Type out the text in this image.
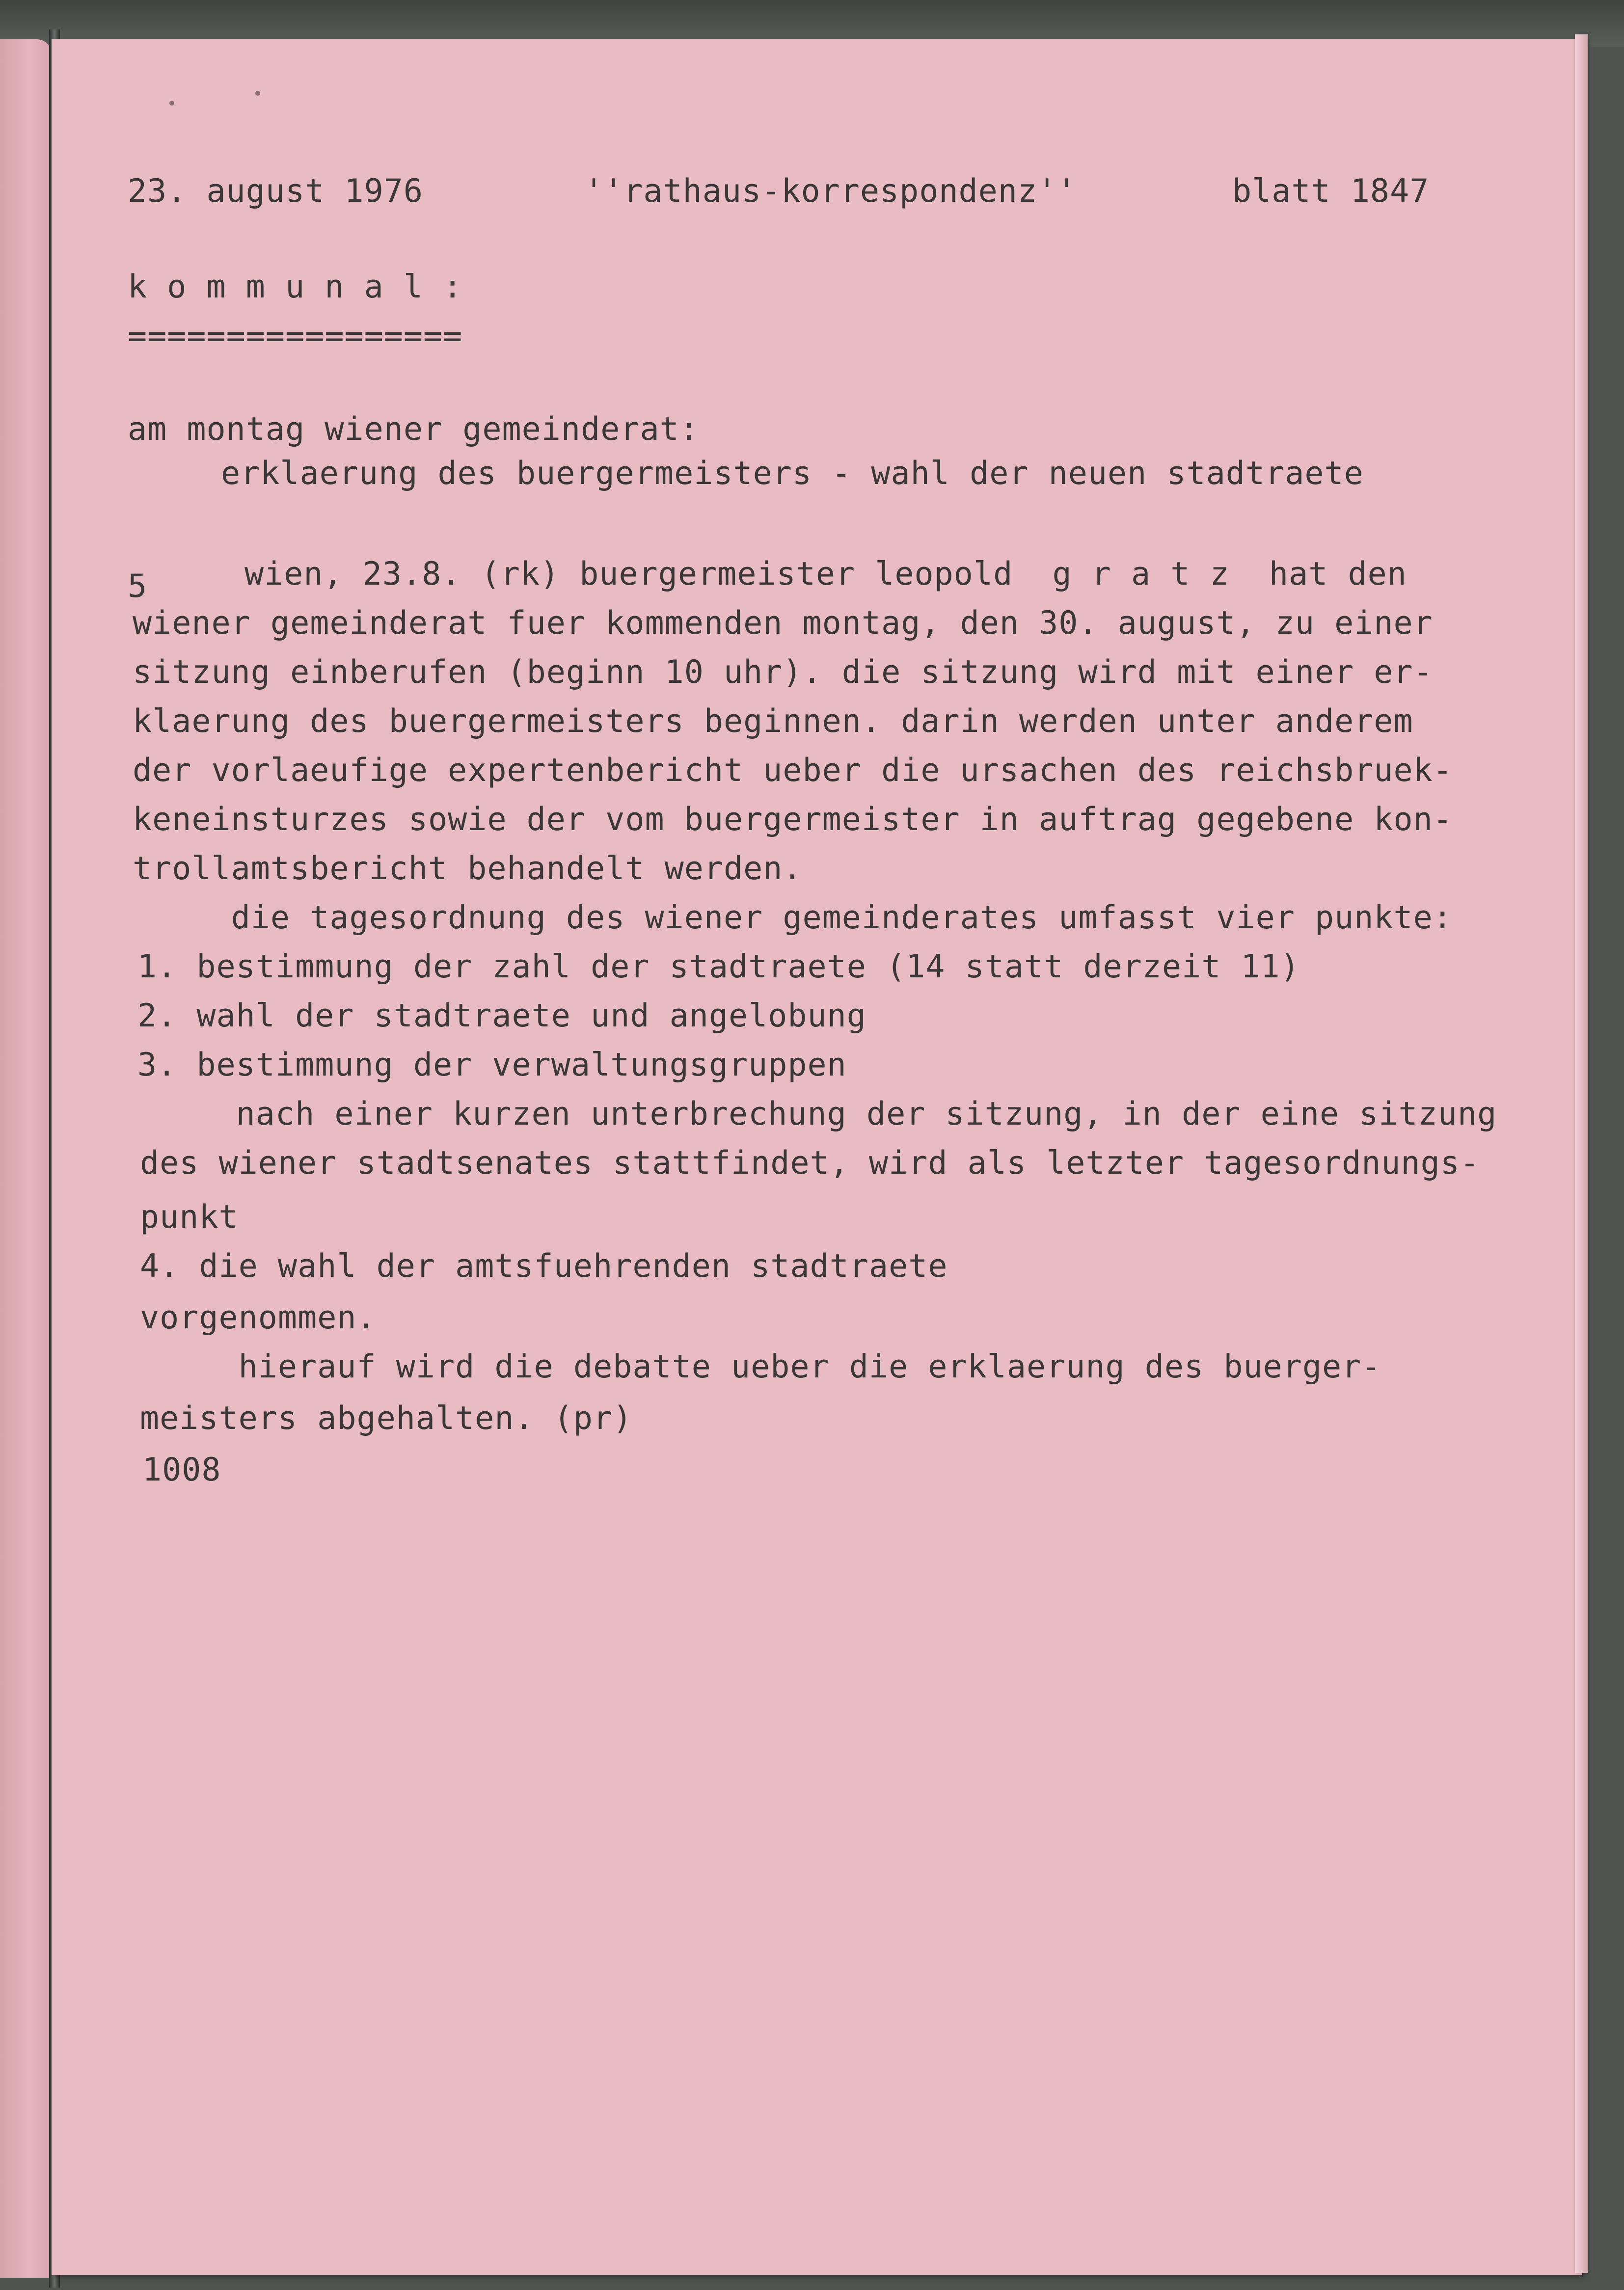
23. august 1976	''rathaus-korrespondenz''	blatt 1847
k o m m u n a l :
=================
am montag wiener gemeinderat:
erklaerung des buergermeisters - wahl der neuen stadtraete
5	wien, 23.8. (rk) buergermeister leopold  g r a t z  hat den
wiener gemeinderat fuer kommenden montag, den 30. august, zu einer
sitzung einberufen (beginn 10 uhr). die sitzung wird mit einer er-
klaerung des buergermeisters beginnen. darin werden unter anderem
der vorlaeufige expertenbericht ueber die ursachen des reichsbruek-
keneinsturzes sowie der vom buergermeister in auftrag gegebene kon-
trollamtsbericht behandelt werden.
die tagesordnung des wiener gemeinderates umfasst vier punkte:
1. bestimmung der zahl der stadtraete (14 statt derzeit 11)
2. wahl der stadtraete und angelobung
3. bestimmung der verwaltungsgruppen
nach einer kurzen unterbrechung der sitzung, in der eine sitzung
des wiener stadtsenates stattfindet, wird als letzter tagesordnungs-
punkt
4. die wahl der amtsfuehrenden stadtraete
vorgenommen.
hierauf wird die debatte ueber die erklaerung des buerger-
meisters abgehalten. (pr)
1008
